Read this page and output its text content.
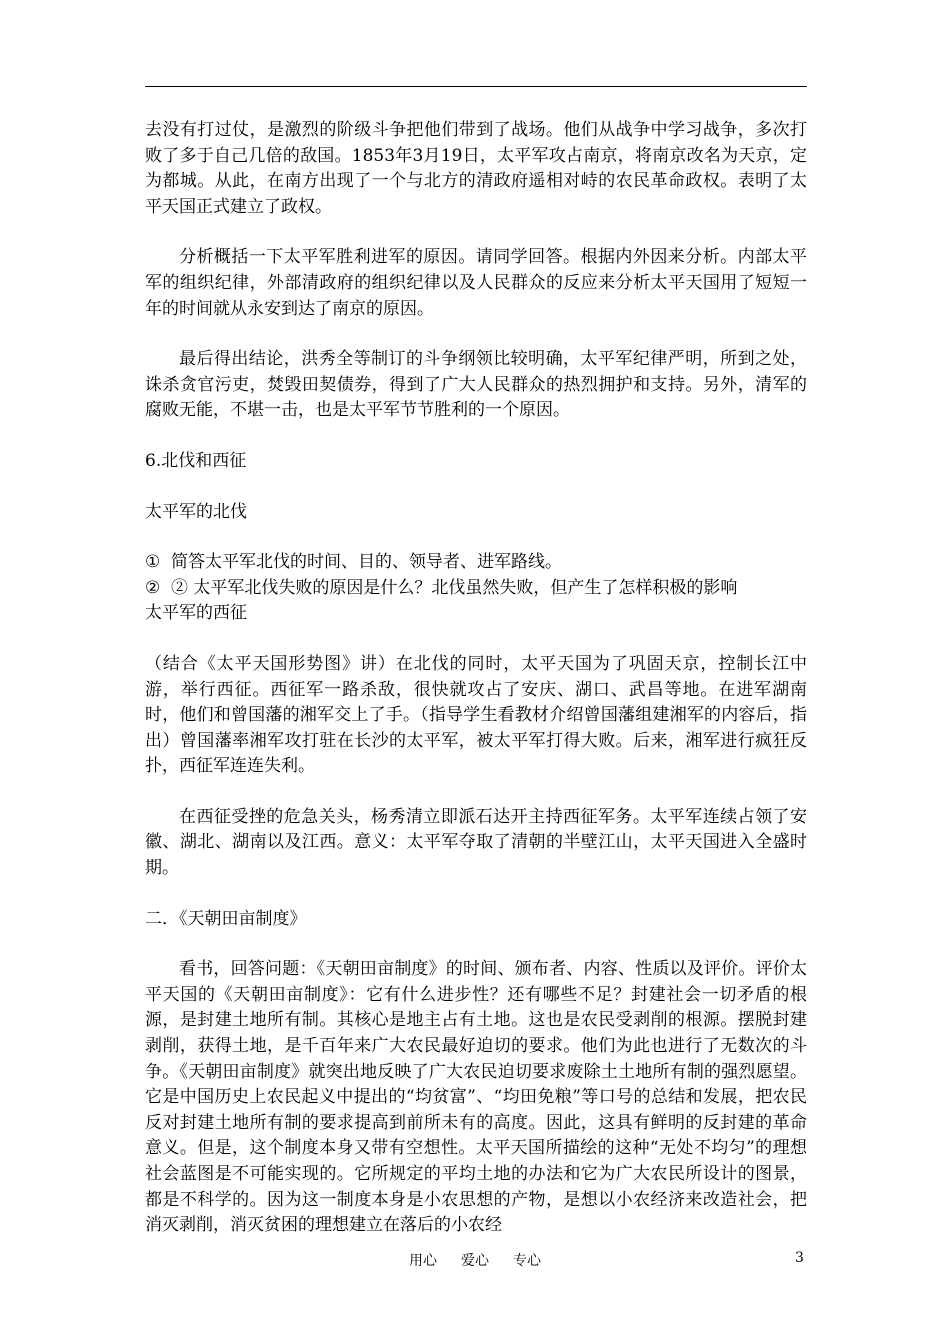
去没有打过仗，是激烈的阶级斗争把他们带到了战场。他们从战争中学习战争，多次打败了多于自己几倍的敌国。1853年3月19日，太平军攻占南京，将南京改名为天京，定为都城。从此，在南方出现了一个与北方的清政府遥相对峙的农民革命政权。表明了太平天国正式建立了政权。

分析概括一下太平军胜利进军的原因。请同学回答。根据内外因来分析。内部太平军的组织纪律，外部清政府的组织纪律以及人民群众的反应来分析太平天国用了短短一年的时间就从永安到达了南京的原因。

最后得出结论，洪秀全等制订的斗争纲领比较明确，太平军纪律严明，所到之处，诛杀贪官污吏，焚毁田契债券，得到了广大人民群众的热烈拥护和支持。另外，清军的腐败无能，不堪一击，也是太平军节节胜利的一个原因。

6.北伐和西征

太平军的北伐

① 简答太平军北伐的时间、目的、领导者、进军路线。

② ② 太平军北伐失败的原因是什么？北伐虽然失败，但产生了怎样积极的影响

太平军的西征

（结合《太平天国形势图》讲）在北伐的同时，太平天国为了巩固天京，控制长江中游，举行西征。西征军一路杀敌，很快就攻占了安庆、湖口、武昌等地。在进军湖南时，他们和曾国藩的湘军交上了手。（指导学生看教材介绍曾国藩组建湘军的内容后，指出）曾国藩率湘军攻打驻在长沙的太平军，被太平军打得大败。后来，湘军进行疯狂反扑，西征军连连失利。

在西征受挫的危急关头，杨秀清立即派石达开主持西征军务。太平军连续占领了安徽、湖北、湖南以及江西。意义：太平军夺取了清朝的半壁江山，太平天国进入全盛时期。

二．《天朝田亩制度》

看书，回答问题：《天朝田亩制度》的时间、颁布者、内容、性质以及评价。评价太平天国的《天朝田亩制度》：它有什么进步性？还有哪些不足？封建社会一切矛盾的根源，是封建土地所有制。其核心是地主占有土地。这也是农民受剥削的根源。摆脱封建剥削，获得土地，是千百年来广大农民最好迫切的要求。他们为此也进行了无数次的斗争。《天朝田亩制度》就突出地反映了广大农民迫切要求废除土土地所有制的强烈愿望。它是中国历史上农民起义中提出的“均贫富”、“均田免粮”等口号的总结和发展，把农民反对封建土地所有制的要求提高到前所未有的高度。因此，这具有鲜明的反封建的革命意义。但是，这个制度本身又带有空想性。太平天国所描绘的这种“无处不均匀”的理想社会蓝图是不可能实现的。它所规定的平均土地的办法和它为广大农民所设计的图景，都是不科学的。因为这一制度本身是小农思想的产物，是想以小农经济来改造社会，把消灭剥削，消灭贫困的理想建立在落后的小农经

用心 爱心 专心	3
